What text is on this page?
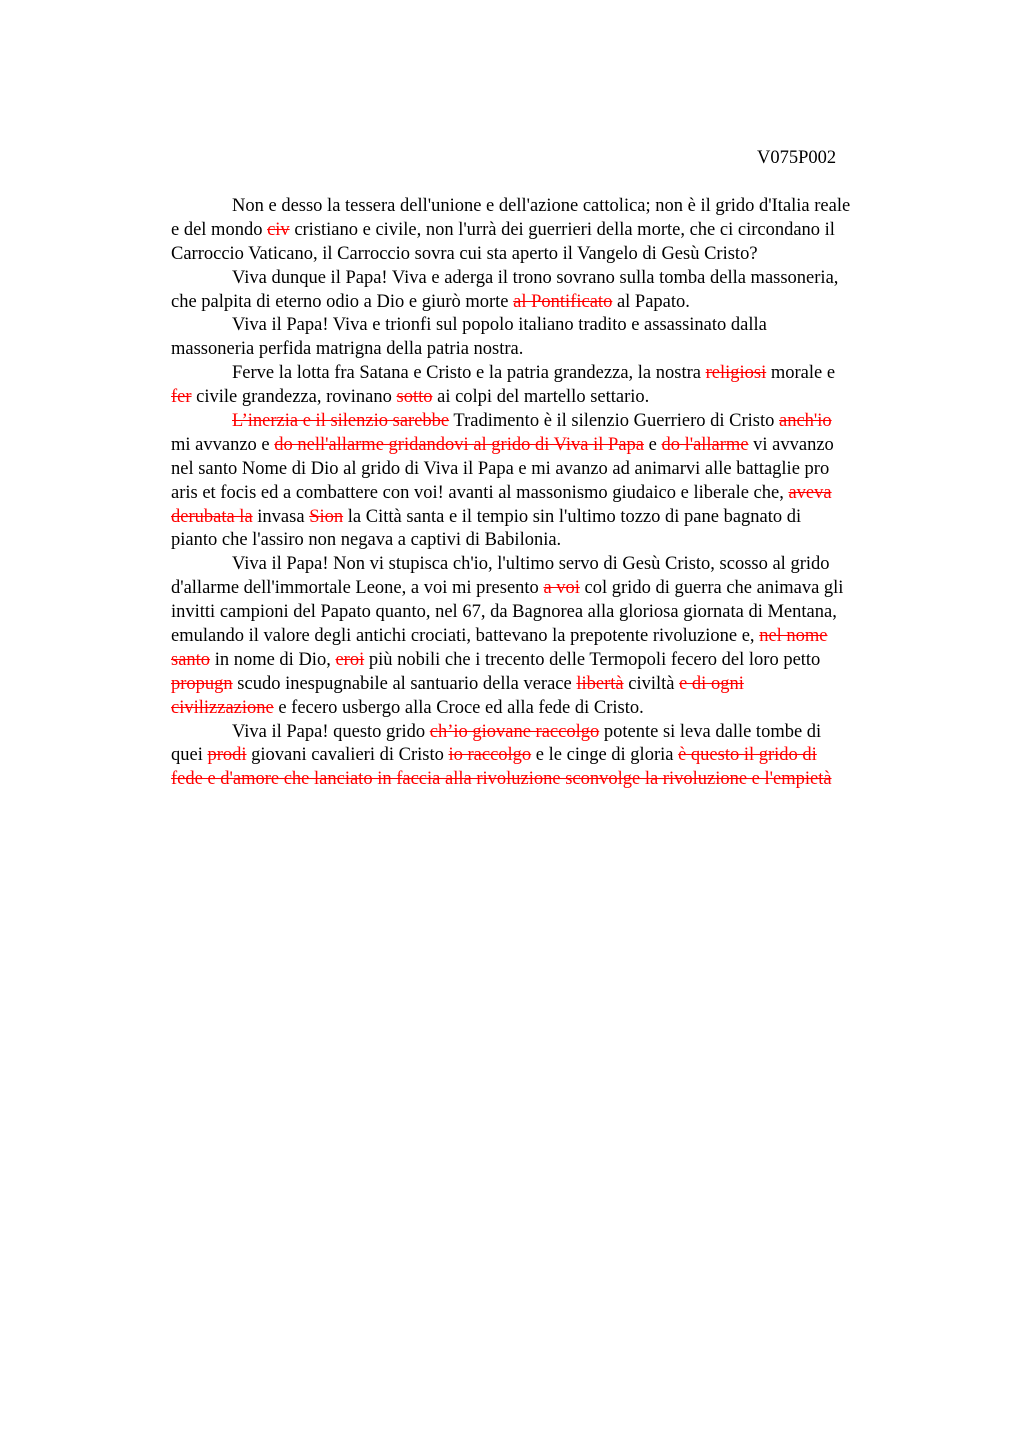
V075P002
Non e desso la tessera dell'unione e dell'azione cattolica; non è il grido d'Italia reale
e del mondo civ cristiano e civile, non l'urrà dei guerrieri della morte, che ci circondano il
Carroccio Vaticano, il Carroccio sovra cui sta aperto il Vangelo di Gesù Cristo?
Viva dunque il Papa! Viva e aderga il trono sovrano sulla tomba della massoneria,
che palpita di eterno odio a Dio e giurò morte al Pontificato al Papato.
Viva il Papa! Viva e trionfi sul popolo italiano tradito e assassinato dalla
massoneria perfida matrigna della patria nostra.
Ferve la lotta fra Satana e Cristo e la patria grandezza, la nostra religiosi morale e
fer civile grandezza, rovinano sotto ai colpi del martello settario.
L’inerzia e il silenzio sarebbe Tradimento è il silenzio Guerriero di Cristo anch'io
mi avvanzo e do nell'allarme gridandovi al grido di Viva il Papa e do l'allarme vi avvanzo
nel santo Nome di Dio al grido di Viva il Papa e mi avanzo ad animarvi alle battaglie pro
aris et focis ed a combattere con voi! avanti al massonismo giudaico e liberale che, aveva
derubata la invasa Sion la Città santa e il tempio sin l'ultimo tozzo di pane bagnato di
pianto che l'assiro non negava a captivi di Babilonia.
Viva il Papa! Non vi stupisca ch'io, l'ultimo servo di Gesù Cristo, scosso al grido
d'allarme dell'immortale Leone, a voi mi presento a voi col grido di guerra che animava gli
invitti campioni del Papato quanto, nel 67, da Bagnorea alla gloriosa giornata di Mentana,
emulando il valore degli antichi crociati, battevano la prepotente rivoluzione e, nel nome
santo in nome di Dio, eroi più nobili che i trecento delle Termopoli fecero del loro petto
propugn scudo inespugnabile al santuario della verace libertà civiltà e di ogni
civilizzazione e fecero usbergo alla Croce ed alla fede di Cristo.
Viva il Papa! questo grido ch’io giovane raccolgo potente si leva dalle tombe di
quei prodi giovani cavalieri di Cristo io raccolgo e le cinge di gloria è questo il grido di
fede e d'amore che lanciato in faccia alla rivoluzione sconvolge la rivoluzione e l'empietà
